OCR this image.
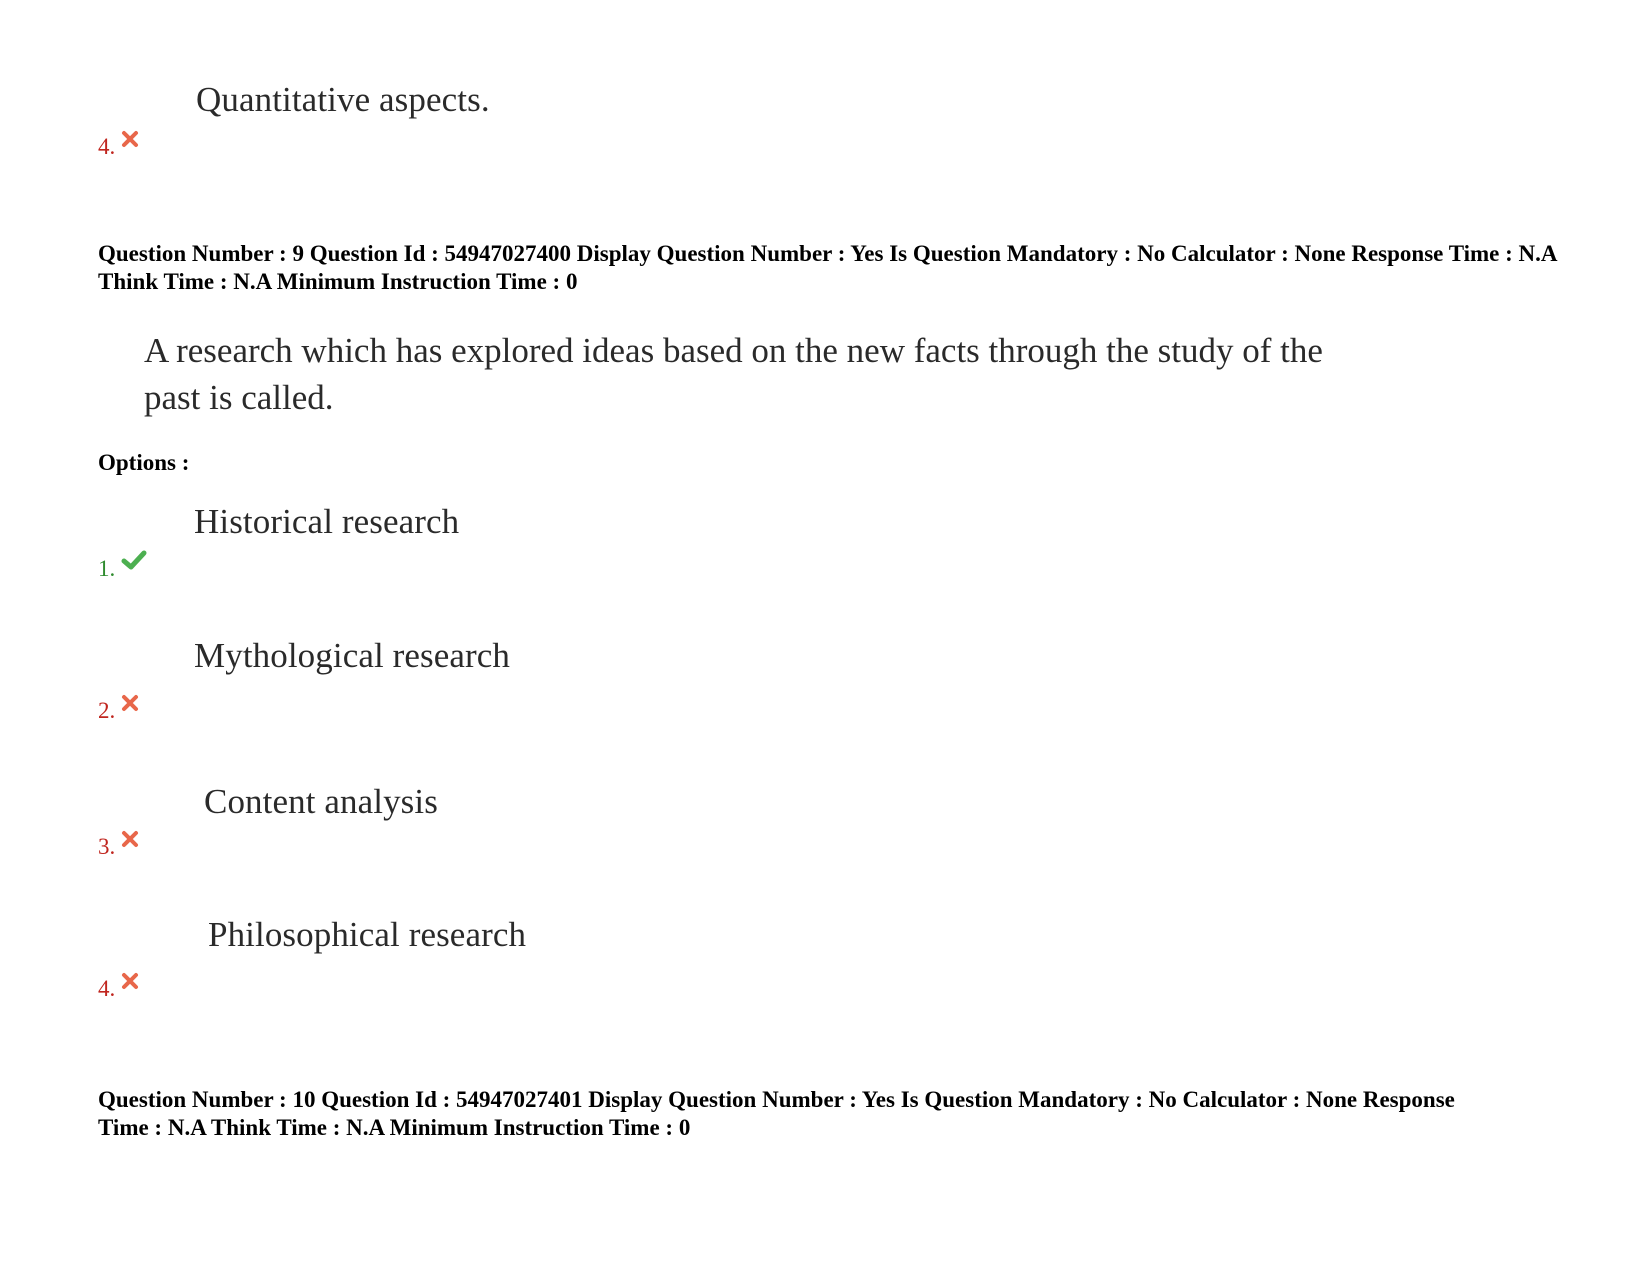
Quantitative aspects.
4.
Question Number : 9 Question Id : 54947027400 Display Question Number : Yes Is Question Mandatory : No Calculator : None Response Time : N.A Think Time : N.A Minimum Instruction Time : 0
A research which has explored ideas based on the new facts through the study of the
past is called.
Options :
Historical research
1.
Mythological research
2.
Content analysis
3.
Philosophical research
4.
Question Number : 10 Question Id : 54947027401 Display Question Number : Yes Is Question Mandatory : No Calculator : None Response Time : N.A Think Time : N.A Minimum Instruction Time : 0
